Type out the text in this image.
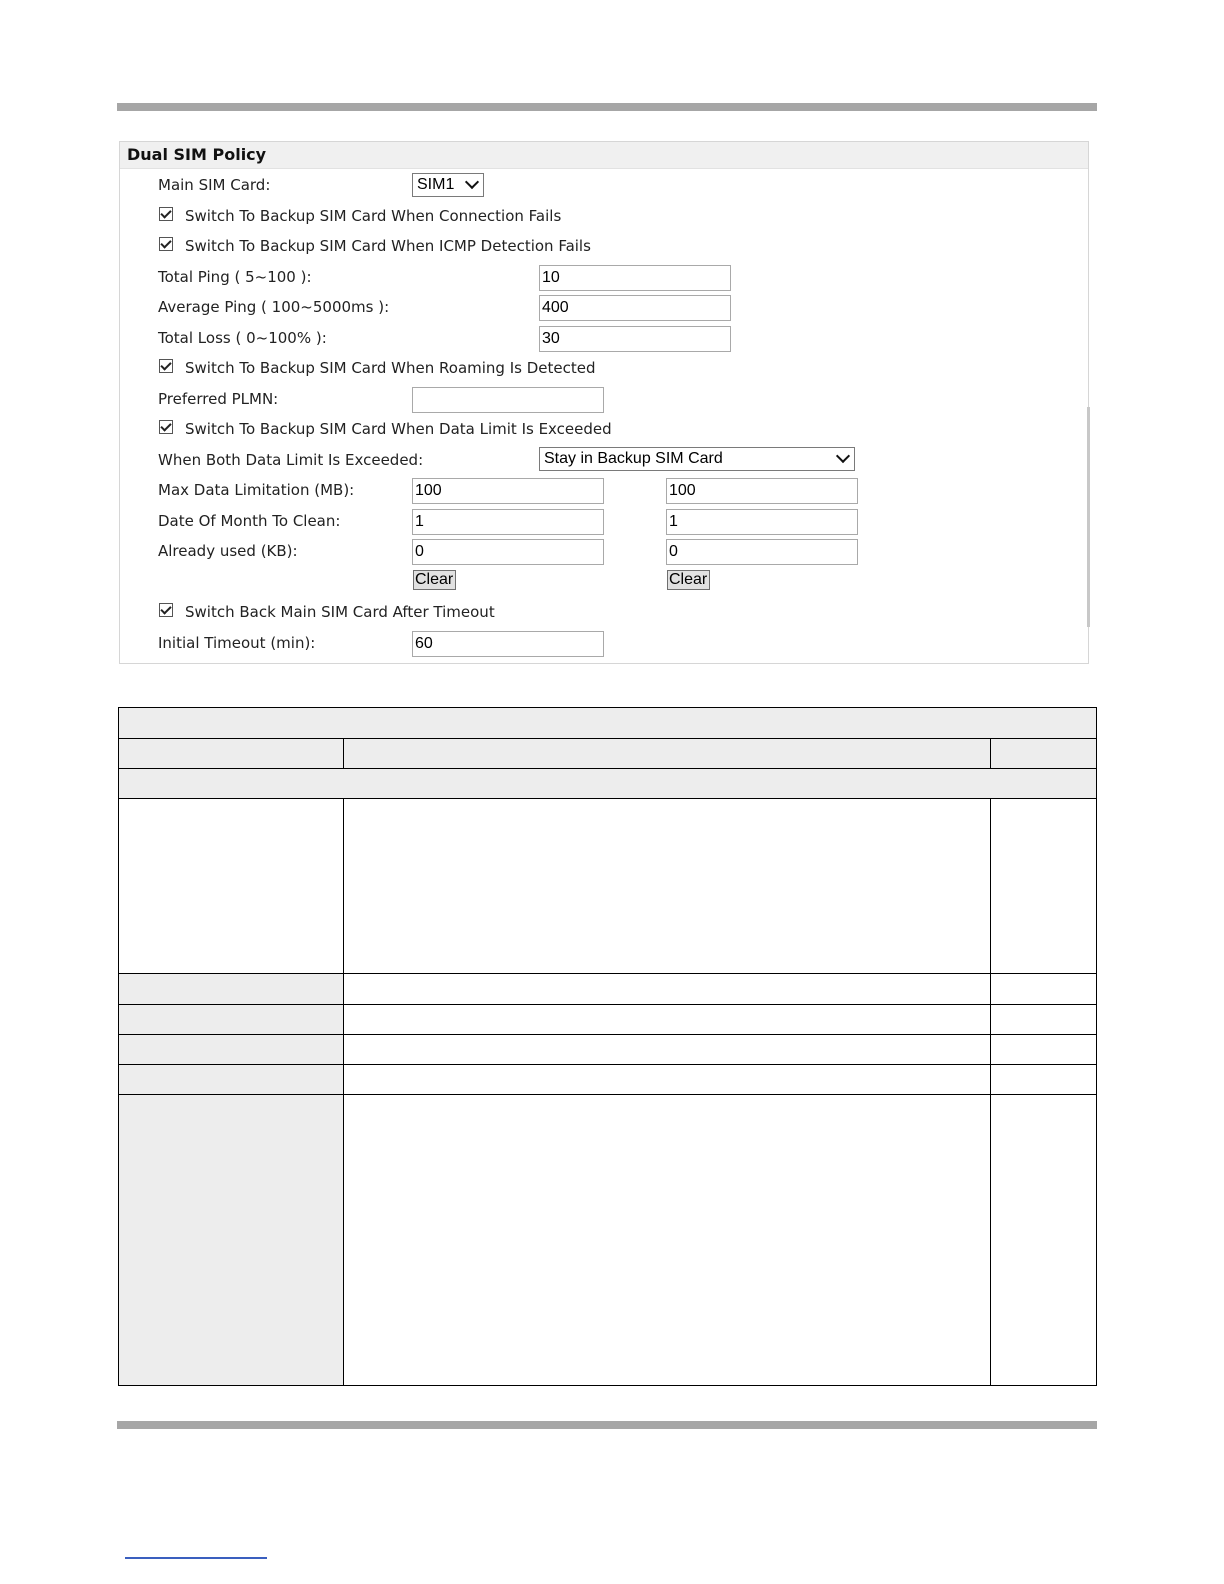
Dual SIM Policy
Main SIM Card:	SIM1
Switch To Backup SIM Card When Connection Fails
Switch To Backup SIM Card When ICMP Detection Fails
Total Ping ( 5~100 ):	10
Average Ping ( 100~5000ms ):	400
Total Loss ( 0~100% ):	30
Switch To Backup SIM Card When Roaming Is Detected
Preferred PLMN:
Switch To Backup SIM Card When Data Limit Is Exceeded
When Both Data Limit Is Exceeded:	Stay in Backup SIM Card
Max Data Limitation (MB):	100	100
Date Of Month To Clean:	1	1
Already used (KB):	0	0
Clear	Clear
Switch Back Main SIM Card After Timeout
Initial Timeout (min):	60
